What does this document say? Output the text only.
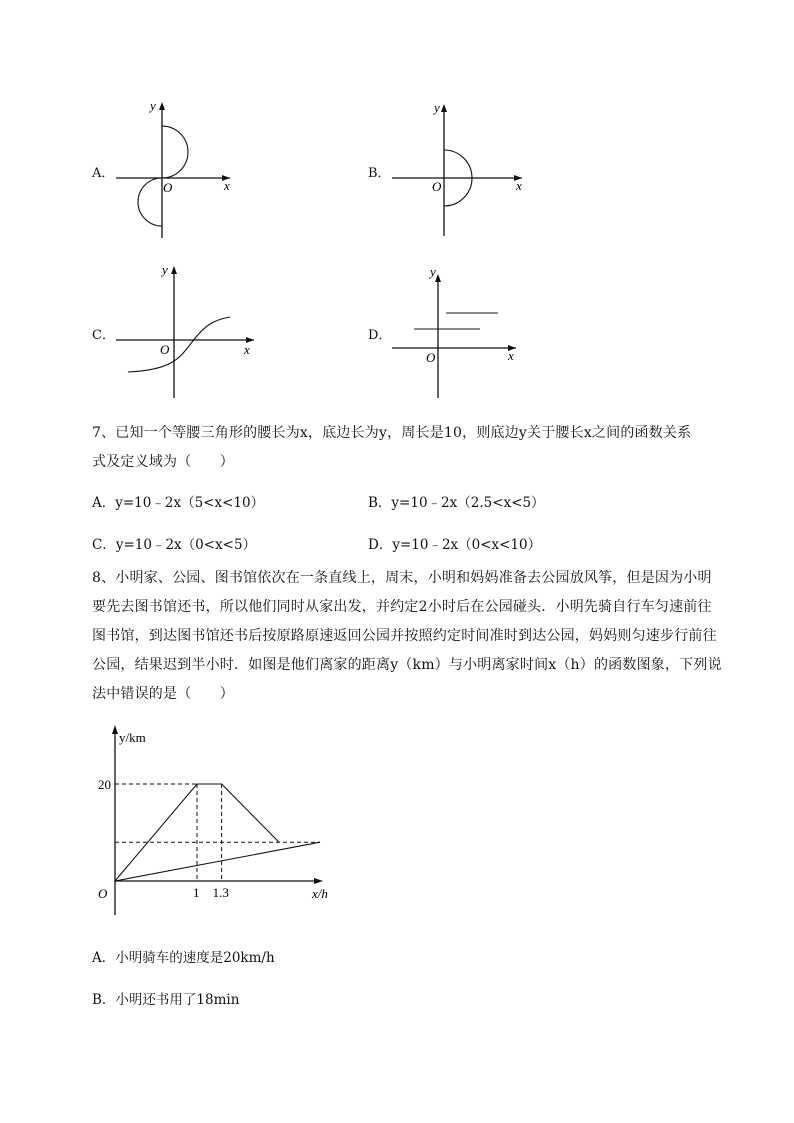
A．
y
x
O
B．
y
x
O
C．
y
x
O
D．
y
x
O
7、已知一个等腰三角形的腰长为x，底边长为y，周长是10，则底边y关于腰长x之间的函数关系
式及定义域为（　　）
A．y=10﹣2x（5<x<10）	B．y=10﹣2x（2.5<x<5）
C．y=10﹣2x（0<x<5）	D．y=10﹣2x（0<x<10）
8、小明家、公园、图书馆依次在一条直线上，周末，小明和妈妈准备去公园放风筝，但是因为小明
要先去图书馆还书，所以他们同时从家出发，并约定2小时后在公园碰头．小明先骑自行车匀速前往
图书馆，到达图书馆还书后按原路原速返回公园并按照约定时间准时到达公园，妈妈则匀速步行前往
公园，结果迟到半小时．如图是他们离家的距离y（km）与小明离家时间x（h）的函数图象，下列说
法中错误的是（　　）
y/km
x/h
O
20
1 1.3
A．小明骑车的速度是20km/h
B．小明还书用了18min
